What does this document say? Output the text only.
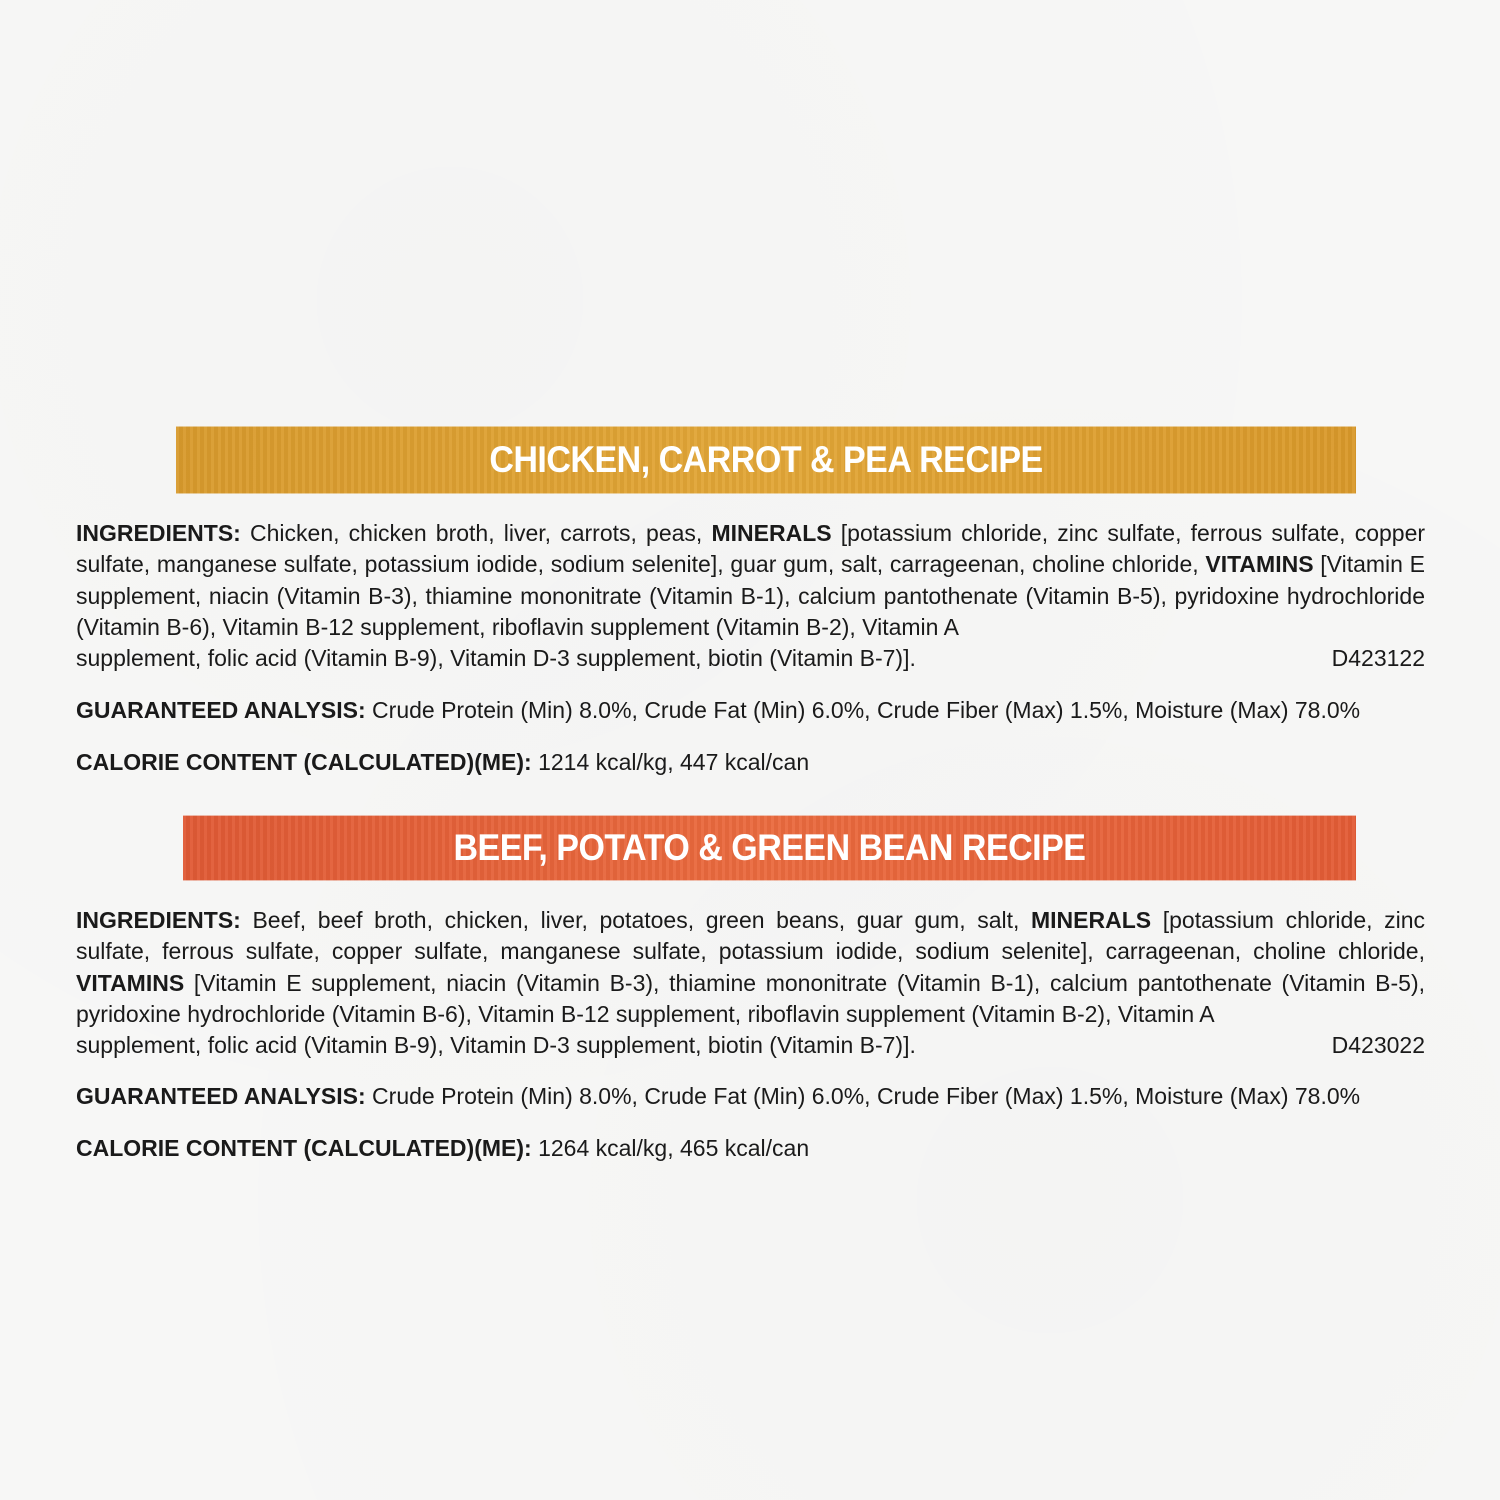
CHICKEN, CARROT & PEA RECIPE
INGREDIENTS: Chicken, chicken broth, liver, carrots, peas, MINERALS [potassium chloride, zinc sulfate, ferrous sulfate, copper sulfate, manganese sulfate, potassium iodide, sodium selenite], guar gum, salt, carrageenan, choline chloride, VITAMINS [Vitamin E supplement, niacin (Vitamin B-3), thiamine mononitrate (Vitamin B-1), calcium pantothenate (Vitamin B-5), pyridoxine hydrochloride (Vitamin B-6), Vitamin B-12 supplement, riboflavin supplement (Vitamin B-2), Vitamin A
supplement, folic acid (Vitamin B-9), Vitamin D-3 supplement, biotin (Vitamin B-7)].	D423122
GUARANTEED ANALYSIS: Crude Protein (Min) 8.0%, Crude Fat (Min) 6.0%, Crude Fiber (Max) 1.5%, Moisture (Max) 78.0%
CALORIE CONTENT (CALCULATED)(ME): 1214 kcal/kg, 447 kcal/can
BEEF, POTATO & GREEN BEAN RECIPE
INGREDIENTS: Beef, beef broth, chicken, liver, potatoes, green beans, guar gum, salt, MINERALS [potassium chloride, zinc sulfate, ferrous sulfate, copper sulfate, manganese sulfate, potassium iodide, sodium selenite], carrageenan, choline chloride, VITAMINS [Vitamin E supplement, niacin (Vitamin B-3), thiamine mononitrate (Vitamin B-1), calcium pantothenate (Vitamin B-5), pyridoxine hydrochloride (Vitamin B-6), Vitamin B-12 supplement, riboflavin supplement (Vitamin B-2), Vitamin A
supplement, folic acid (Vitamin B-9), Vitamin D-3 supplement, biotin (Vitamin B-7)].	D423022
GUARANTEED ANALYSIS: Crude Protein (Min) 8.0%, Crude Fat (Min) 6.0%, Crude Fiber (Max) 1.5%, Moisture (Max) 78.0%
CALORIE CONTENT (CALCULATED)(ME): 1264 kcal/kg, 465 kcal/can
